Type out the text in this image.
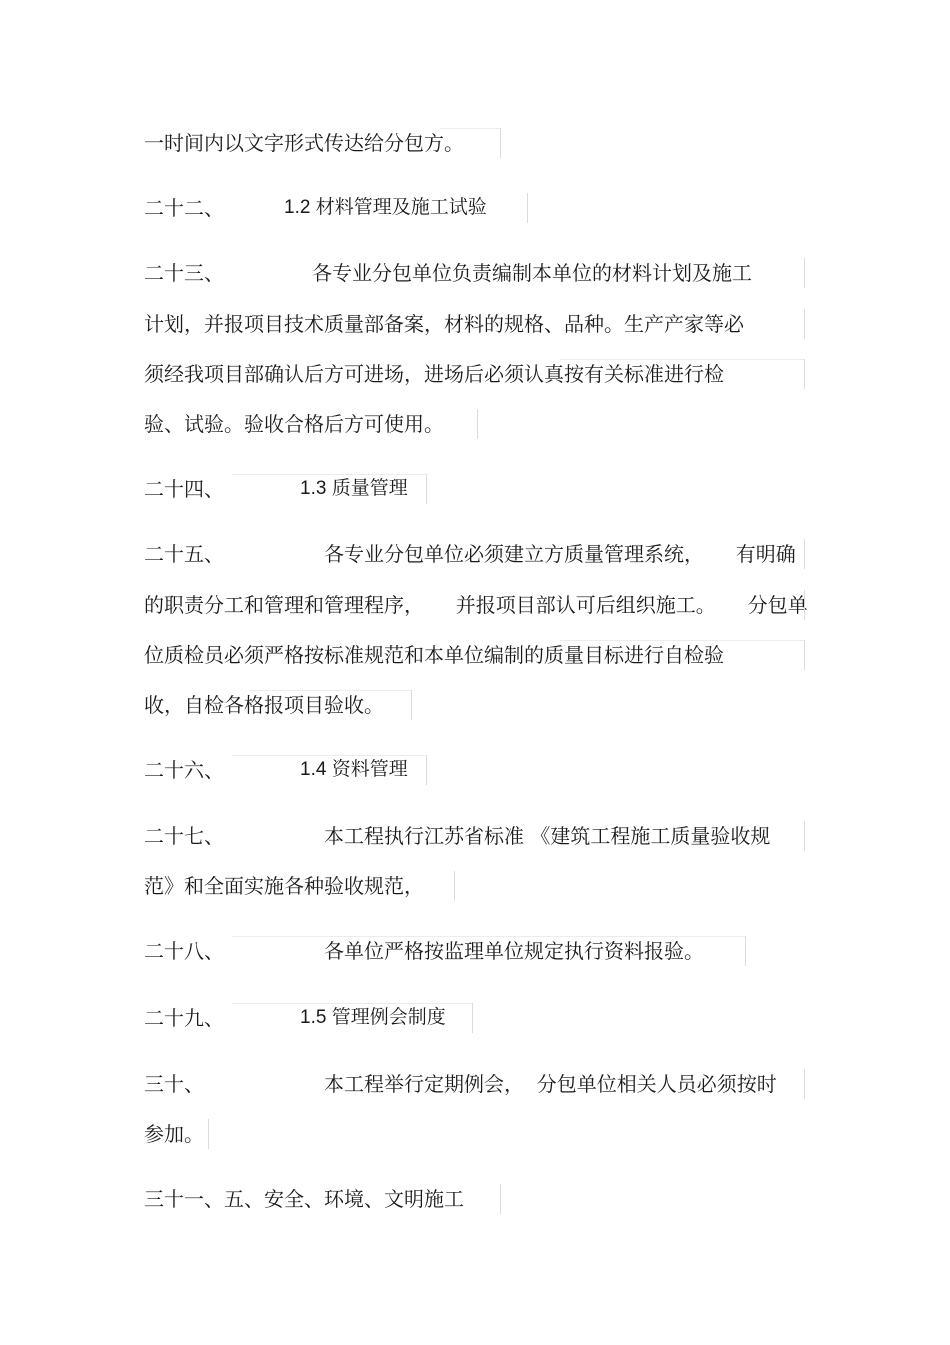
一时间内以文字形式传达给分包方。
二十二、	1.2 材料管理及施工试验
二十三、	各专业分包单位负责编制本单位的材料计划及施工
计划，并报项目技术质量部备案，材料的规格、品种。生产产家等必
须经我项目部确认后方可进场，进场后必须认真按有关标准进行检
验、试验。验收合格后方可使用。
二十四、	1.3 质量管理
二十五、	各专业分包单位必须建立方质量管理系统，     有明确
的职责分工和管理和管理程序，     并报项目部认可后组织施工。     分包单
位质检员必须严格按标准规范和本单位编制的质量目标进行自检验
收，自检各格报项目验收。
二十六、	1.4 资料管理
二十七、	本工程执行江苏省标准 《建筑工程施工质量验收规
范》和全面实施各种验收规范，
二十八、	各单位严格按监理单位规定执行资料报验。
二十九、	1.5 管理例会制度
三十、	本工程举行定期例会，  分包单位相关人员必须按时
参加。
三十一、五、安全、环境、文明施工
